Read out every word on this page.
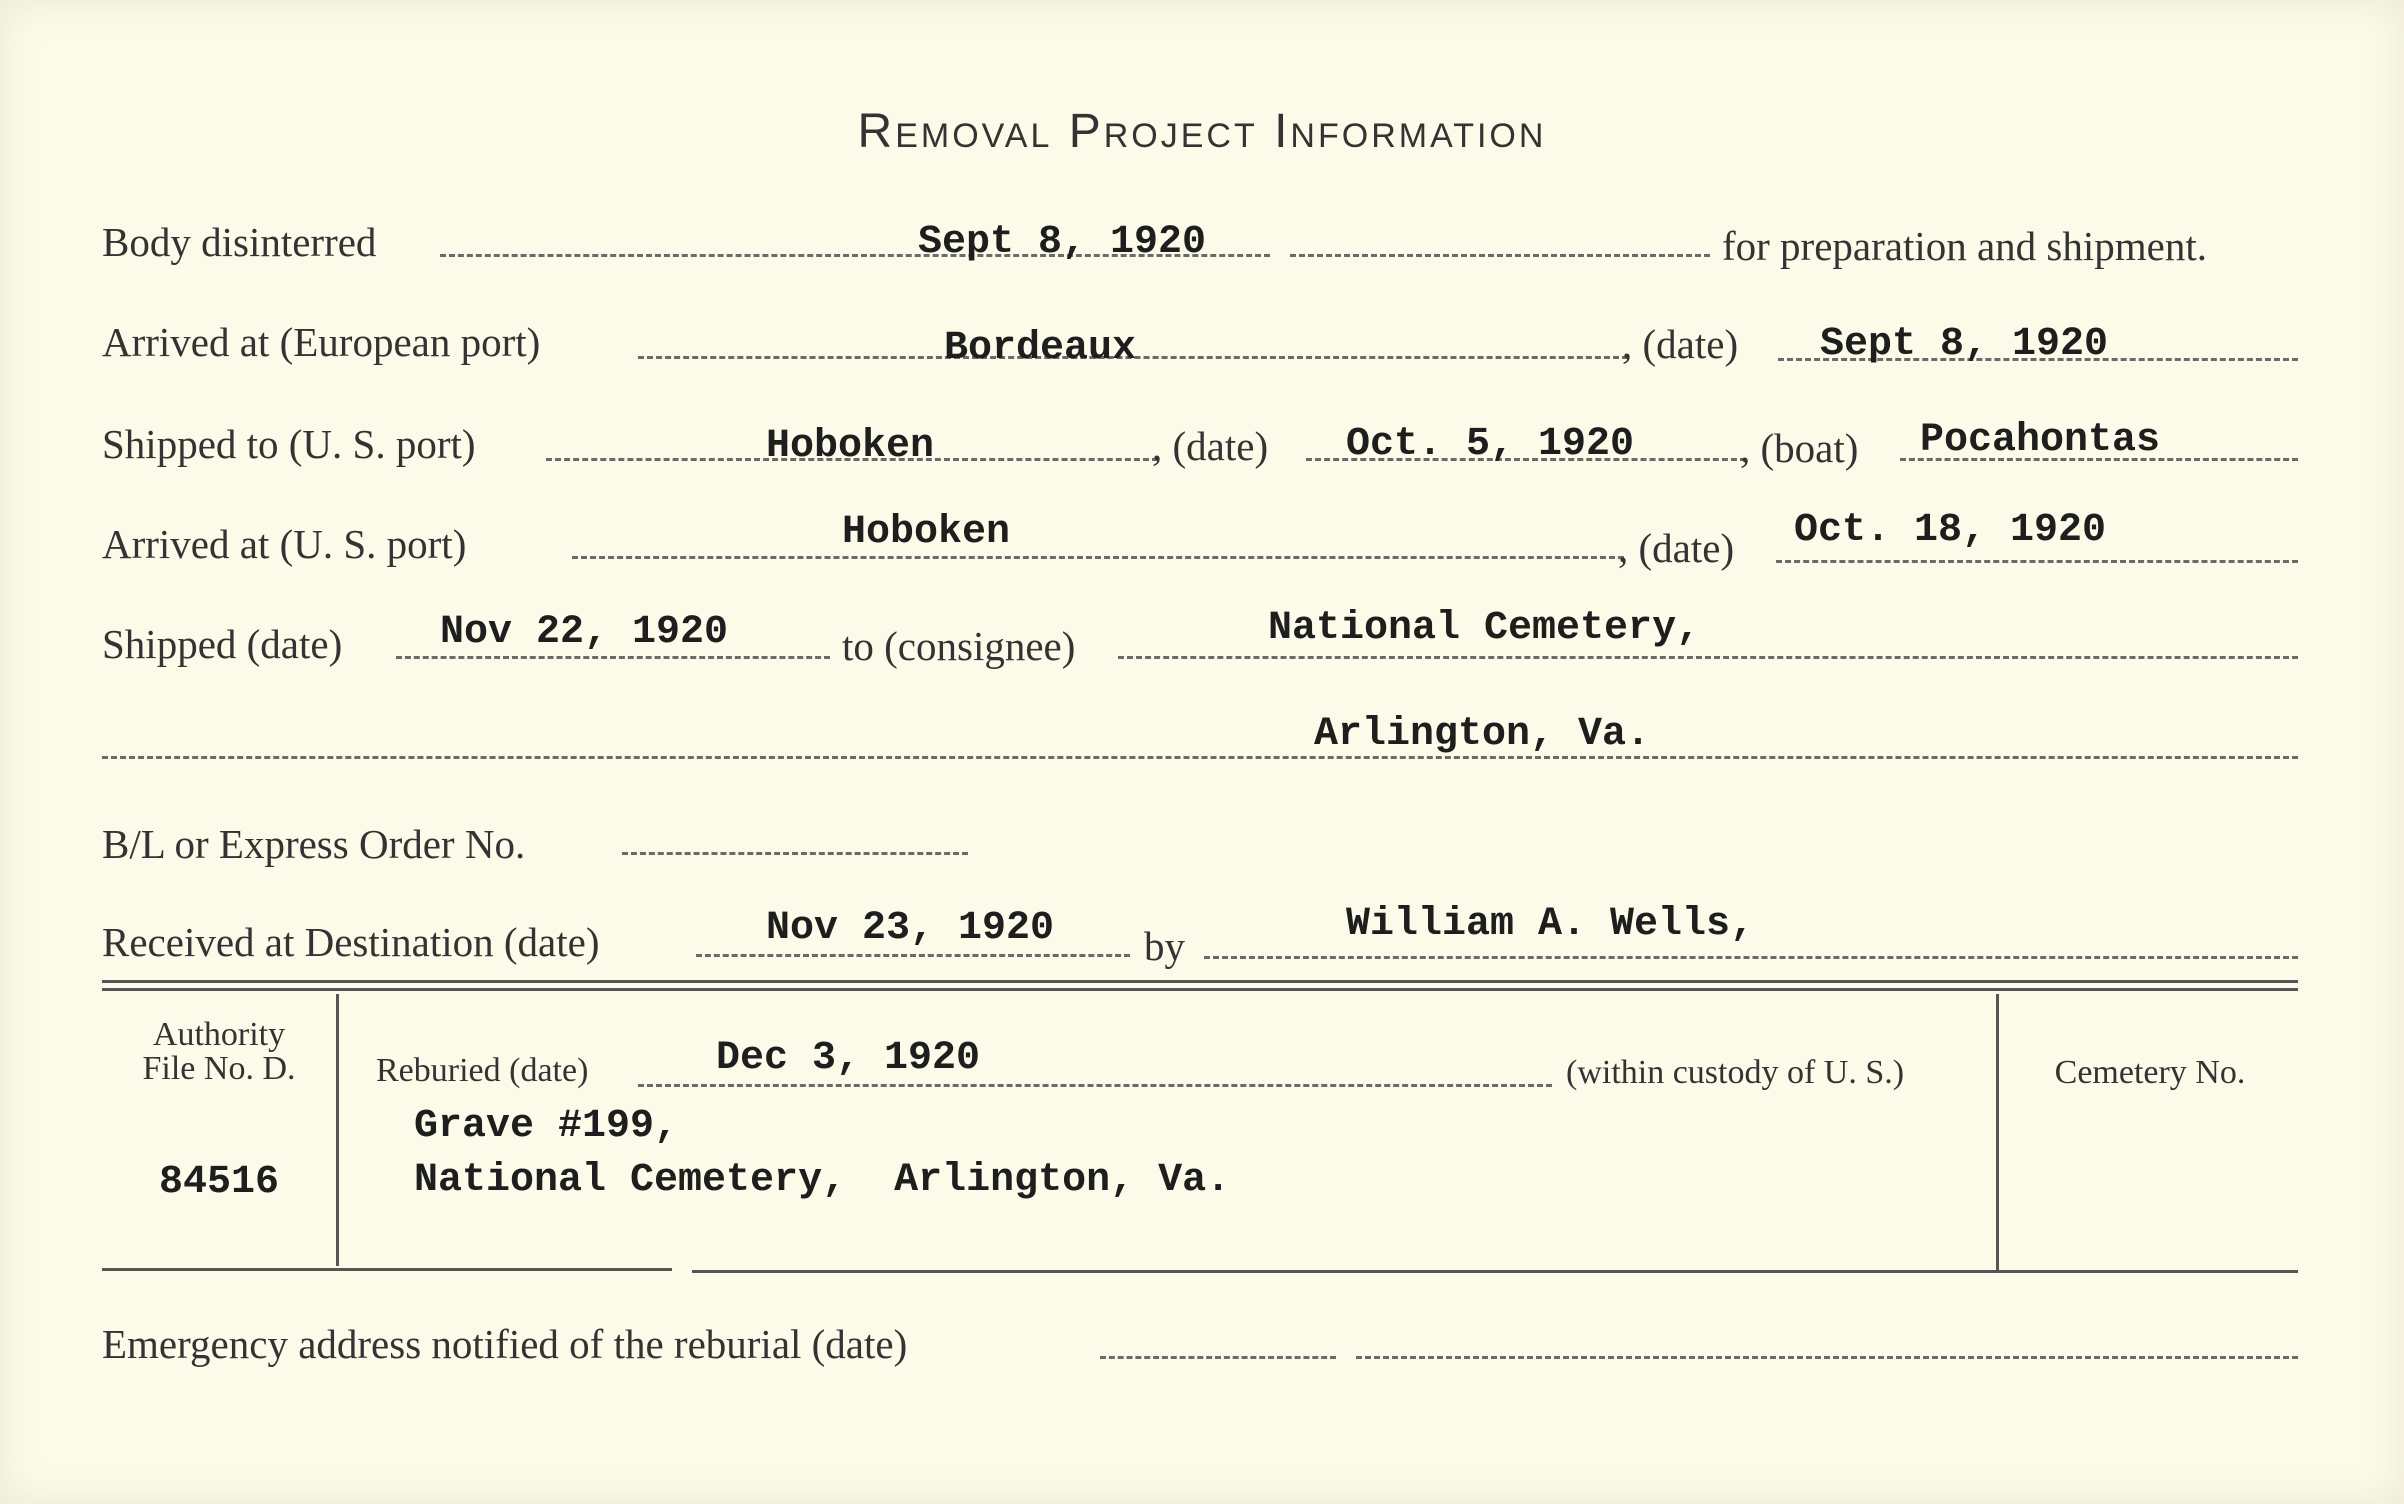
Removal Project Information
Body disinterred	Sept 8, 1920	for preparation and shipment.
Arrived at (European port)	Bordeaux	, (date) Sept 8, 1920
Shipped to (U. S. port)	Hoboken	, (date) Oct. 5, 1920	, (boat) Pocahontas
Arrived at (U. S. port)	Hoboken	, (date) Oct. 18, 1920
Shipped (date) Nov 22, 1920	to (consignee)	National Cemetery,
Arlington, Va.
B/L or Express Order No.
Received at Destination (date)	Nov 23, 1920 by	William A. Wells,
Authority
File No. D.
84516
Reburied (date)	Dec 3, 1920	(within custody of U. S.)
Grave #199,
National Cemetery,  Arlington, Va.
Cemetery No.
Emergency address notified of the reburial (date)
